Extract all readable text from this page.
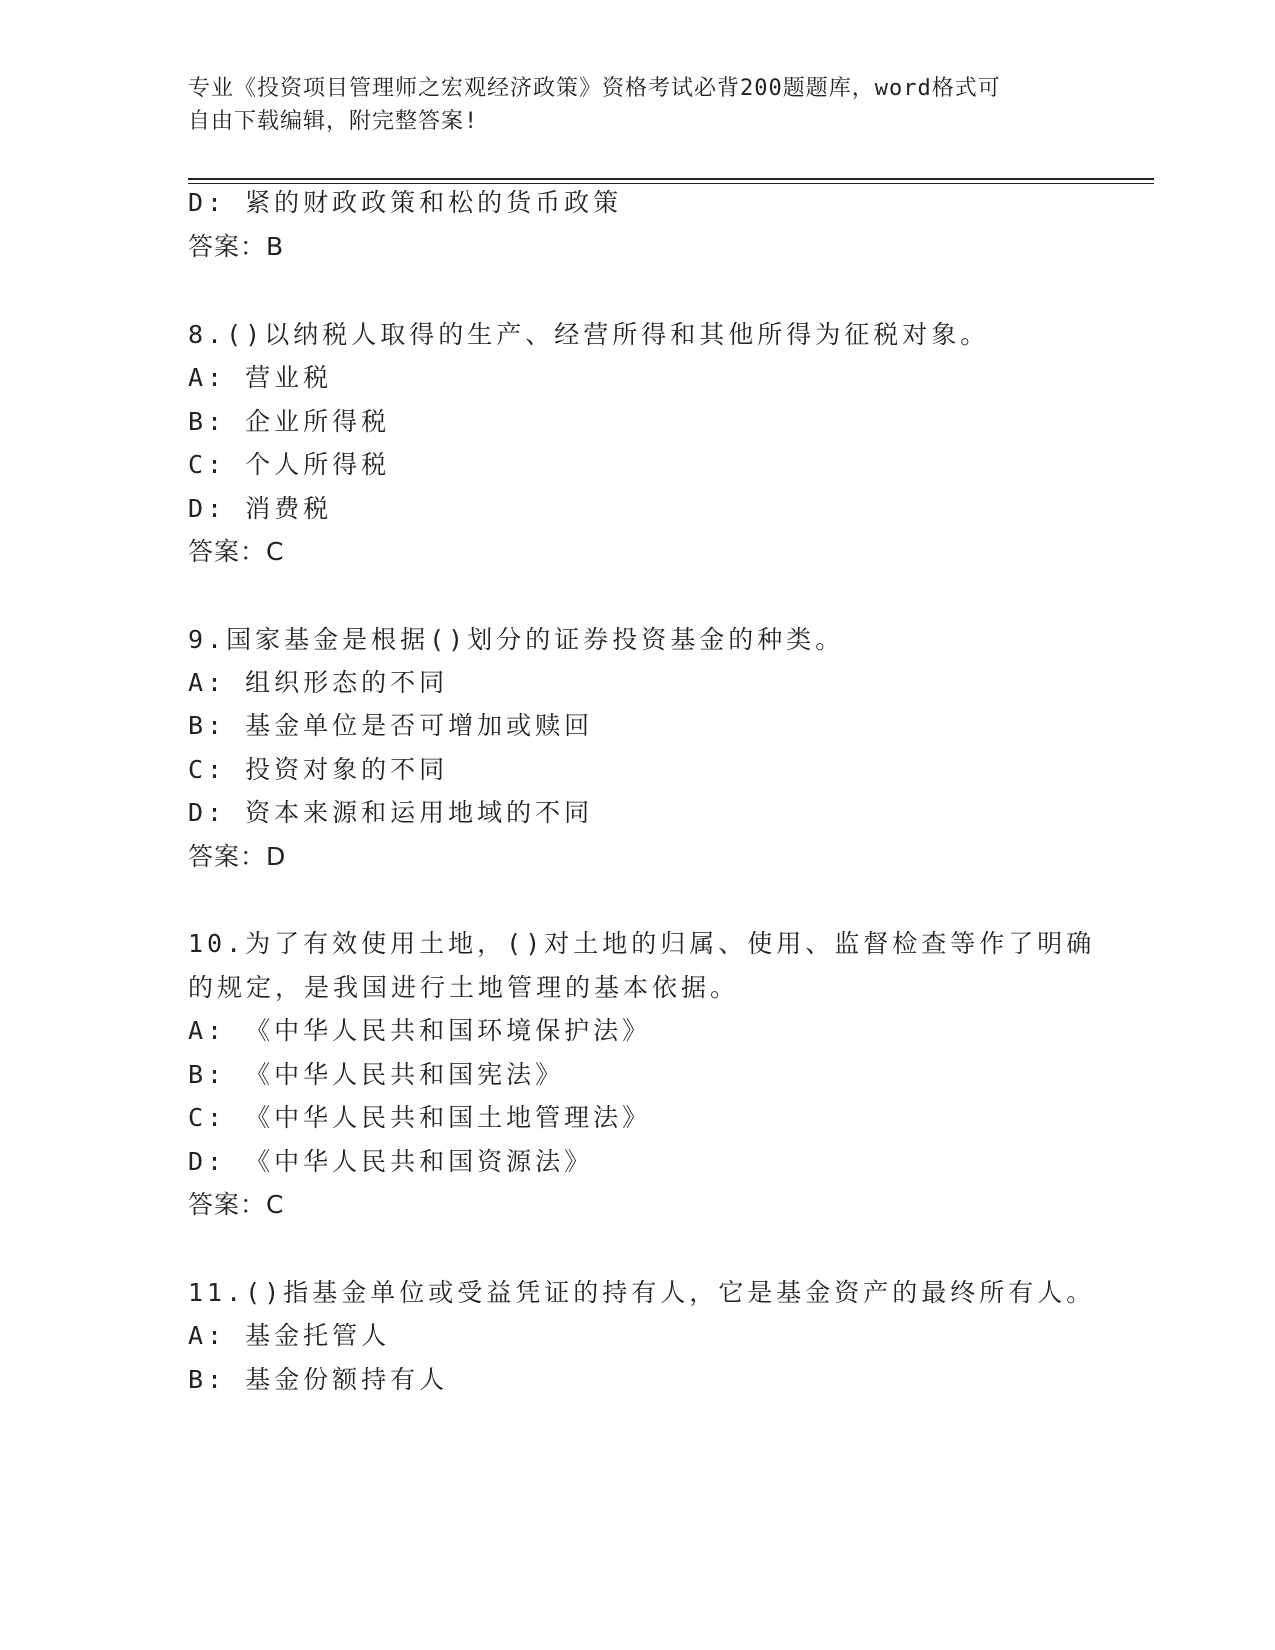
专业《投资项目管理师之宏观经济政策》资格考试必背200题题库，word格式可
自由下载编辑，附完整答案!
D: 紧的财政政策和松的货币政策
答案：B
8.()以纳税人取得的生产、经营所得和其他所得为征税对象。
A: 营业税
B: 企业所得税
C: 个人所得税
D: 消费税
答案：C
9.国家基金是根据()划分的证券投资基金的种类。
A: 组织形态的不同
B: 基金单位是否可增加或赎回
C: 投资对象的不同
D: 资本来源和运用地域的不同
答案：D
10.为了有效使用土地，()对土地的归属、使用、监督检查等作了明确
的规定，是我国进行土地管理的基本依据。
A: 《中华人民共和国环境保护法》
B: 《中华人民共和国宪法》
C: 《中华人民共和国土地管理法》
D: 《中华人民共和国资源法》
答案：C
11.()指基金单位或受益凭证的持有人，它是基金资产的最终所有人。
A: 基金托管人
B: 基金份额持有人
